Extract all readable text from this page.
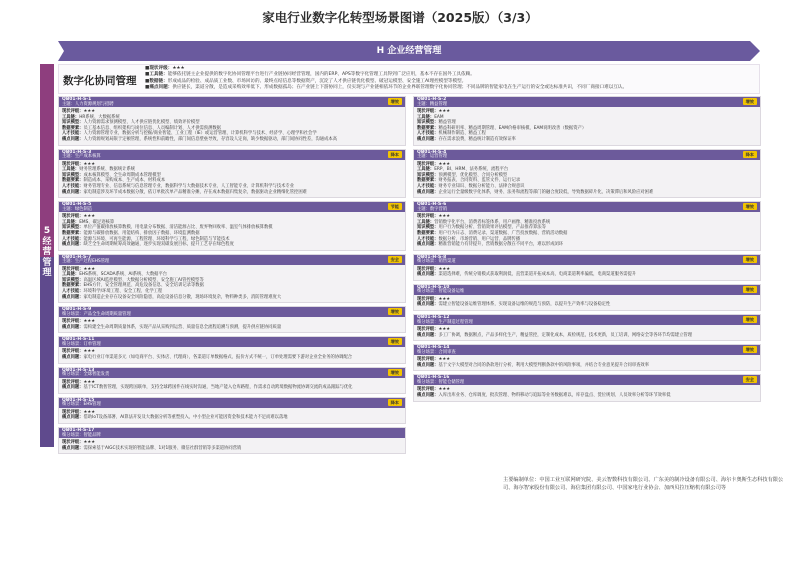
家电行业数字化转型场景图谱（2025版）（3/3）
H 企业经营管理
5
经
营
管
理
数字化协同管理
■现状评级：★★★
■工具链：能够依托链主企业提供的数字化协同管理平台进行产业链协同经营管理，国内的ERP、APS等数字化管理工具得到广泛应用，基本不存在国外工具依赖。
■数据链：形成成品的检验、成品质工业数、市场回访的、最终点结信息等数据资产，沉淀了人才供应链优化模型、破冠运模型、安全施工AI理控模型等模型。
■痛点问题：供应链长，渠道分散，是造成采购效率低下、形成数据孤岛；在产业链上下游协同上，仅实现与产业链相依环节的企业界联管理数字化协同管理；不同品牌的智能家电在生产运行的安全或达标准共识，不同厂商接口难以互认。
QB01-H-S-1
主题：人力资源规划与招聘	增效
现状评级：★★★
工具链：HR系统、大数据系统
知识模型：人力资源需求预测模型、人才供应链优化模型、绩效评价模型
数据要素：员工基本信息、组织架构与岗位信息、人员编制计划、人才供需预测数据
人才技能：人力资源管理专业，数据分析与挖掘/商业智能、工业工程（IE）或运营管理、计算机科学与技术、经济学、心理学和社会学
痛点问题：人力资源规划局限于定额管理，系统性和前瞻性，部门间信息壁垒导致，存容设人定岗，缺少数据驱动，部门间协同性差，沟通成本高
QB01-H-S-3
主题：生产成本核算	降本
现状评级：★★★
工具链：财务管理系统、数据统计系统
知识模型：成本核算模型、全生命周期成本管理模型
数据要素：制造成本、采购成本、生产成本、材料成本
人才技能：财务管理专业、信息系统与信息管理专业，数据科学与大数据技术专业、人工智能专业、计算机科学与技术专业
痛点问题：家电制造涉及环节成本数据分散，依订单批次单产品精准分摊，存在成本数据归集复杂，数据驱动企业精细化管控困难
QB01-H-S-5
主题：绿色制造	节能
现状评级：★★★
工具链：EMS、碳足迹核算
知识模型：单位产值碳排放核算数模、用电量分布数据、清洁能源占比、废弃物回收率、温室气体排放核算数模
数据要素：能源与碳排放数据、用能结构、排放因子数据、环境监测数据
人才技能：能源与环境、可再生能源，工程管理、环境科学与工程、绿色制造与节能技术
痛点问题：缺乏全生命周期统筹高效融通，逐步实现双碳发展目标，提升工艺存在绿色程度
QB01-H-S-7
主题：生产过程EHS管理	安全
现状评级：★★★
工具链：EHS系统、SCADA系统、AI系统、大数据平台
知识模型：高温区域AI监控模型、大数据分析模型、安全施工AI管控模型等
数据要素：EHS方针、安全管理规范、高危设备信息、安全培训记录等数据
人才技能：环境科学/环境工程、安全工程、化学工程
痛点问题：家电制造企业存在设备安全风险隐患，高危设备信息分散，现场环境复杂，物料种类多，消防管理难度大
QB01-H-S-9
细分场景：产品全生命周期质量管理	增效
现状评级：★★★
痛点问题：需构建全生命周期质量体系，实现产品从采购到运营、质量信息全流程追溯与预测，提升供应链协同质量
QB01-H-S-11
细分场景：订单管理	增效
现状评级：★★★
痛点问题：家电行业订单渠道多元（如电商平台、实体店、代理商），各渠道订单数据格式、报价方式不统一，订单处理需要下游对企业全业务的协调配合
QB01-H-S-13
细分场景：全球智能发货	增效
现状评级：★★★
痛点问题：基于ICT数智管理，实现跨国联单，支持全球跨国件在线实时沟通，当地产能入仓库路程，作需求自动跨境数据物流协调交流的成品跟踪与优化
QB01-H-S-15
细分场景：EHS管理	降本
现状评级：★★★
痛点问题：借助IoT设备部署、AI算法开发及大数据分析等重塑投入，中小型企业可能因资金和技术能力不足而难以落地
QB01-H-S-17
细分场景：智能品牌
现状评级：★★★
痛点问题：需探索基于AIGC技术实现的智能品牌、1对1服务、微信社群营销等多渠道协同营销
QB01-H-S-2
主题：精益管理	增效
现状评级：★★★
工具链：EAM
知识模型：精益管理
数据要素：精益科研用率、精益周期管理、EAM价格审核模、EAM说明改善（数据资产）
人才技能：机械制作制造、精益工程
痛点问题：存在需求浪费，精益统计制造有效保证率
QB01-H-S-4
主题：运营管理	降本
现状评级：★★★
工具链：ERP、BI、HRM、法务系统、流程平台
知识模型：预测模型、优化模型、合同分析模型
数据要素：财务报表、合同资料、监管文件、运行记录
人才技能：财务专业知识、数据分析能力、法律合规意识
痛点问题：企业运行全量级数字化体系，财务、法务和流程等部门的融合度较低，导致数据碎片化、决策滞后和风险应对困难
QB01-H-S-6
主题：数字营销	增效
现状评级：★★★
工具链：营销数字化平台，消费者标签体系、用户画像、精准投放系统
知识模型：用户行为数据分析、营销效果评估模型、产品推荐算法等
数据要素：用户行为日志、消费记录、渠道数据、广告投放数据、营销活动数据
人才技能：数据分析、市场营销、用户运营、品牌传播
痛点问题：精准营销能力有待提升，营销数据分散在不同平台，难以形成闭环
QB01-H-S-8
细分场景：销售渠道	增效
现状评级：★★★
痛点问题：渠道选择难，传统分销模式获取利润低，直营渠道开拓成本高，电商渠道利率偏低，电商渠道服务需提升
QB01-H-S-10
细分场景：智能设备运维	增效
现状评级：★★★
痛点问题：需建立智能设备运维管理体系，实现设备运维的规范与预防，以提升生产效率与设备稳定性
QB01-H-S-12
细分场景：生产制造过程管理	增效
现状评级：★★★
痛点问题：多工厂协调，数据断点，产品多样化生产，精益管控，定制化成本，质检规范，技术更新，员工培训，网络安全等各环节均需建立管理
QB01-H-S-14
细分场景：合同审查	增效
现状评级：★★★
痛点问题：基于文字大模型对合同的条款进行分析，利用大模型判断条款中的风险事项，并结合专业意见提升合同审查效率
QB01-H-S-16
细分场景：智能仓储管理	安全
现状评级：★★★
痛点问题：入库出库业务、仓库调度、批次管理、物料移动与追踪等业务数据难以，库存盘点、货位规划、人员效率分析等环节效率低
主要编制单位：中国工业互联网研究院、美云智数科技有限公司、广东美的制冷设备有限公司、海尔卡奥斯生态科技有限公司、海尔智家股份有限公司、海信集团有限公司、中国家电行业协会、加西贝拉压缩机有限公司等
